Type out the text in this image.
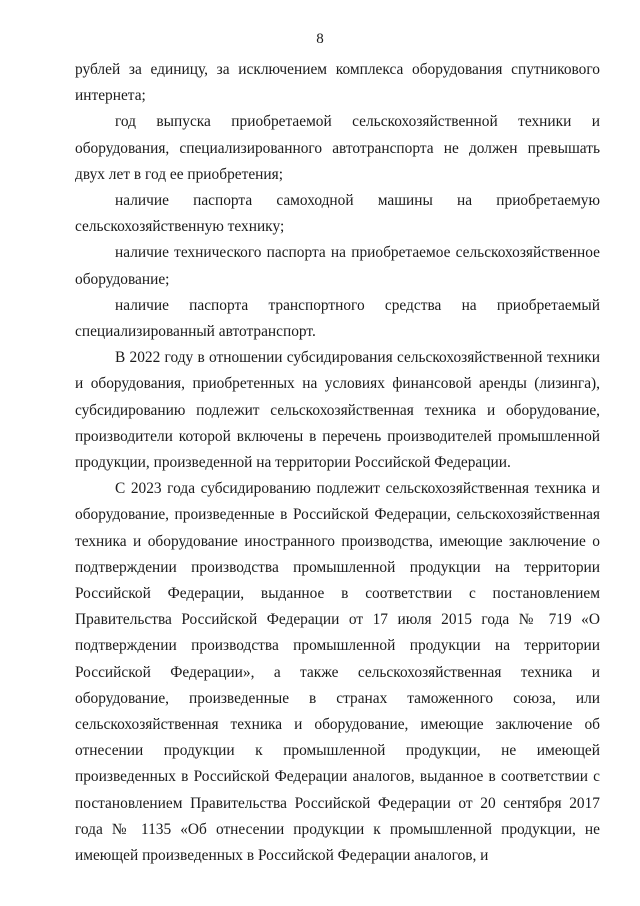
8

рублей за единицу, за исключением комплекса оборудования спутникового интернета;

год выпуска приобретаемой сельскохозяйственной техники и оборудования, специализированного автотранспорта не должен превышать двух лет в год ее приобретения;

наличие паспорта самоходной машины на приобретаемую сельскохозяйственную технику;

наличие технического паспорта на приобретаемое сельскохозяйственное оборудование;

наличие паспорта транспортного средства на приобретаемый специализированный автотранспорт.

В 2022 году в отношении субсидирования сельскохозяйственной техники и оборудования, приобретенных на условиях финансовой аренды (лизинга), субсидированию подлежит сельскохозяйственная техника и оборудование, производители которой включены в перечень производителей промышленной продукции, произведенной на территории Российской Федерации.

С 2023 года субсидированию подлежит сельскохозяйственная техника и оборудование, произведенные в Российской Федерации, сельскохозяйственная техника и оборудование иностранного производства, имеющие заключение о подтверждении производства промышленной продукции на территории Российской Федерации, выданное в соответствии с постановлением Правительства Российской Федерации от 17 июля 2015 года № 719 «О подтверждении производства промышленной продукции на территории Российской Федерации», а также сельскохозяйственная техника и оборудование, произведенные в странах таможенного союза, или сельскохозяйственная техника и оборудование, имеющие заключение об отнесении продукции к промышленной продукции, не имеющей произведенных в Российской Федерации аналогов, выданное в соответствии с постановлением Правительства Российской Федерации от 20 сентября 2017 года № 1135 «Об отнесении продукции к промышленной продукции, не имеющей произведенных в Российской Федерации аналогов, и
